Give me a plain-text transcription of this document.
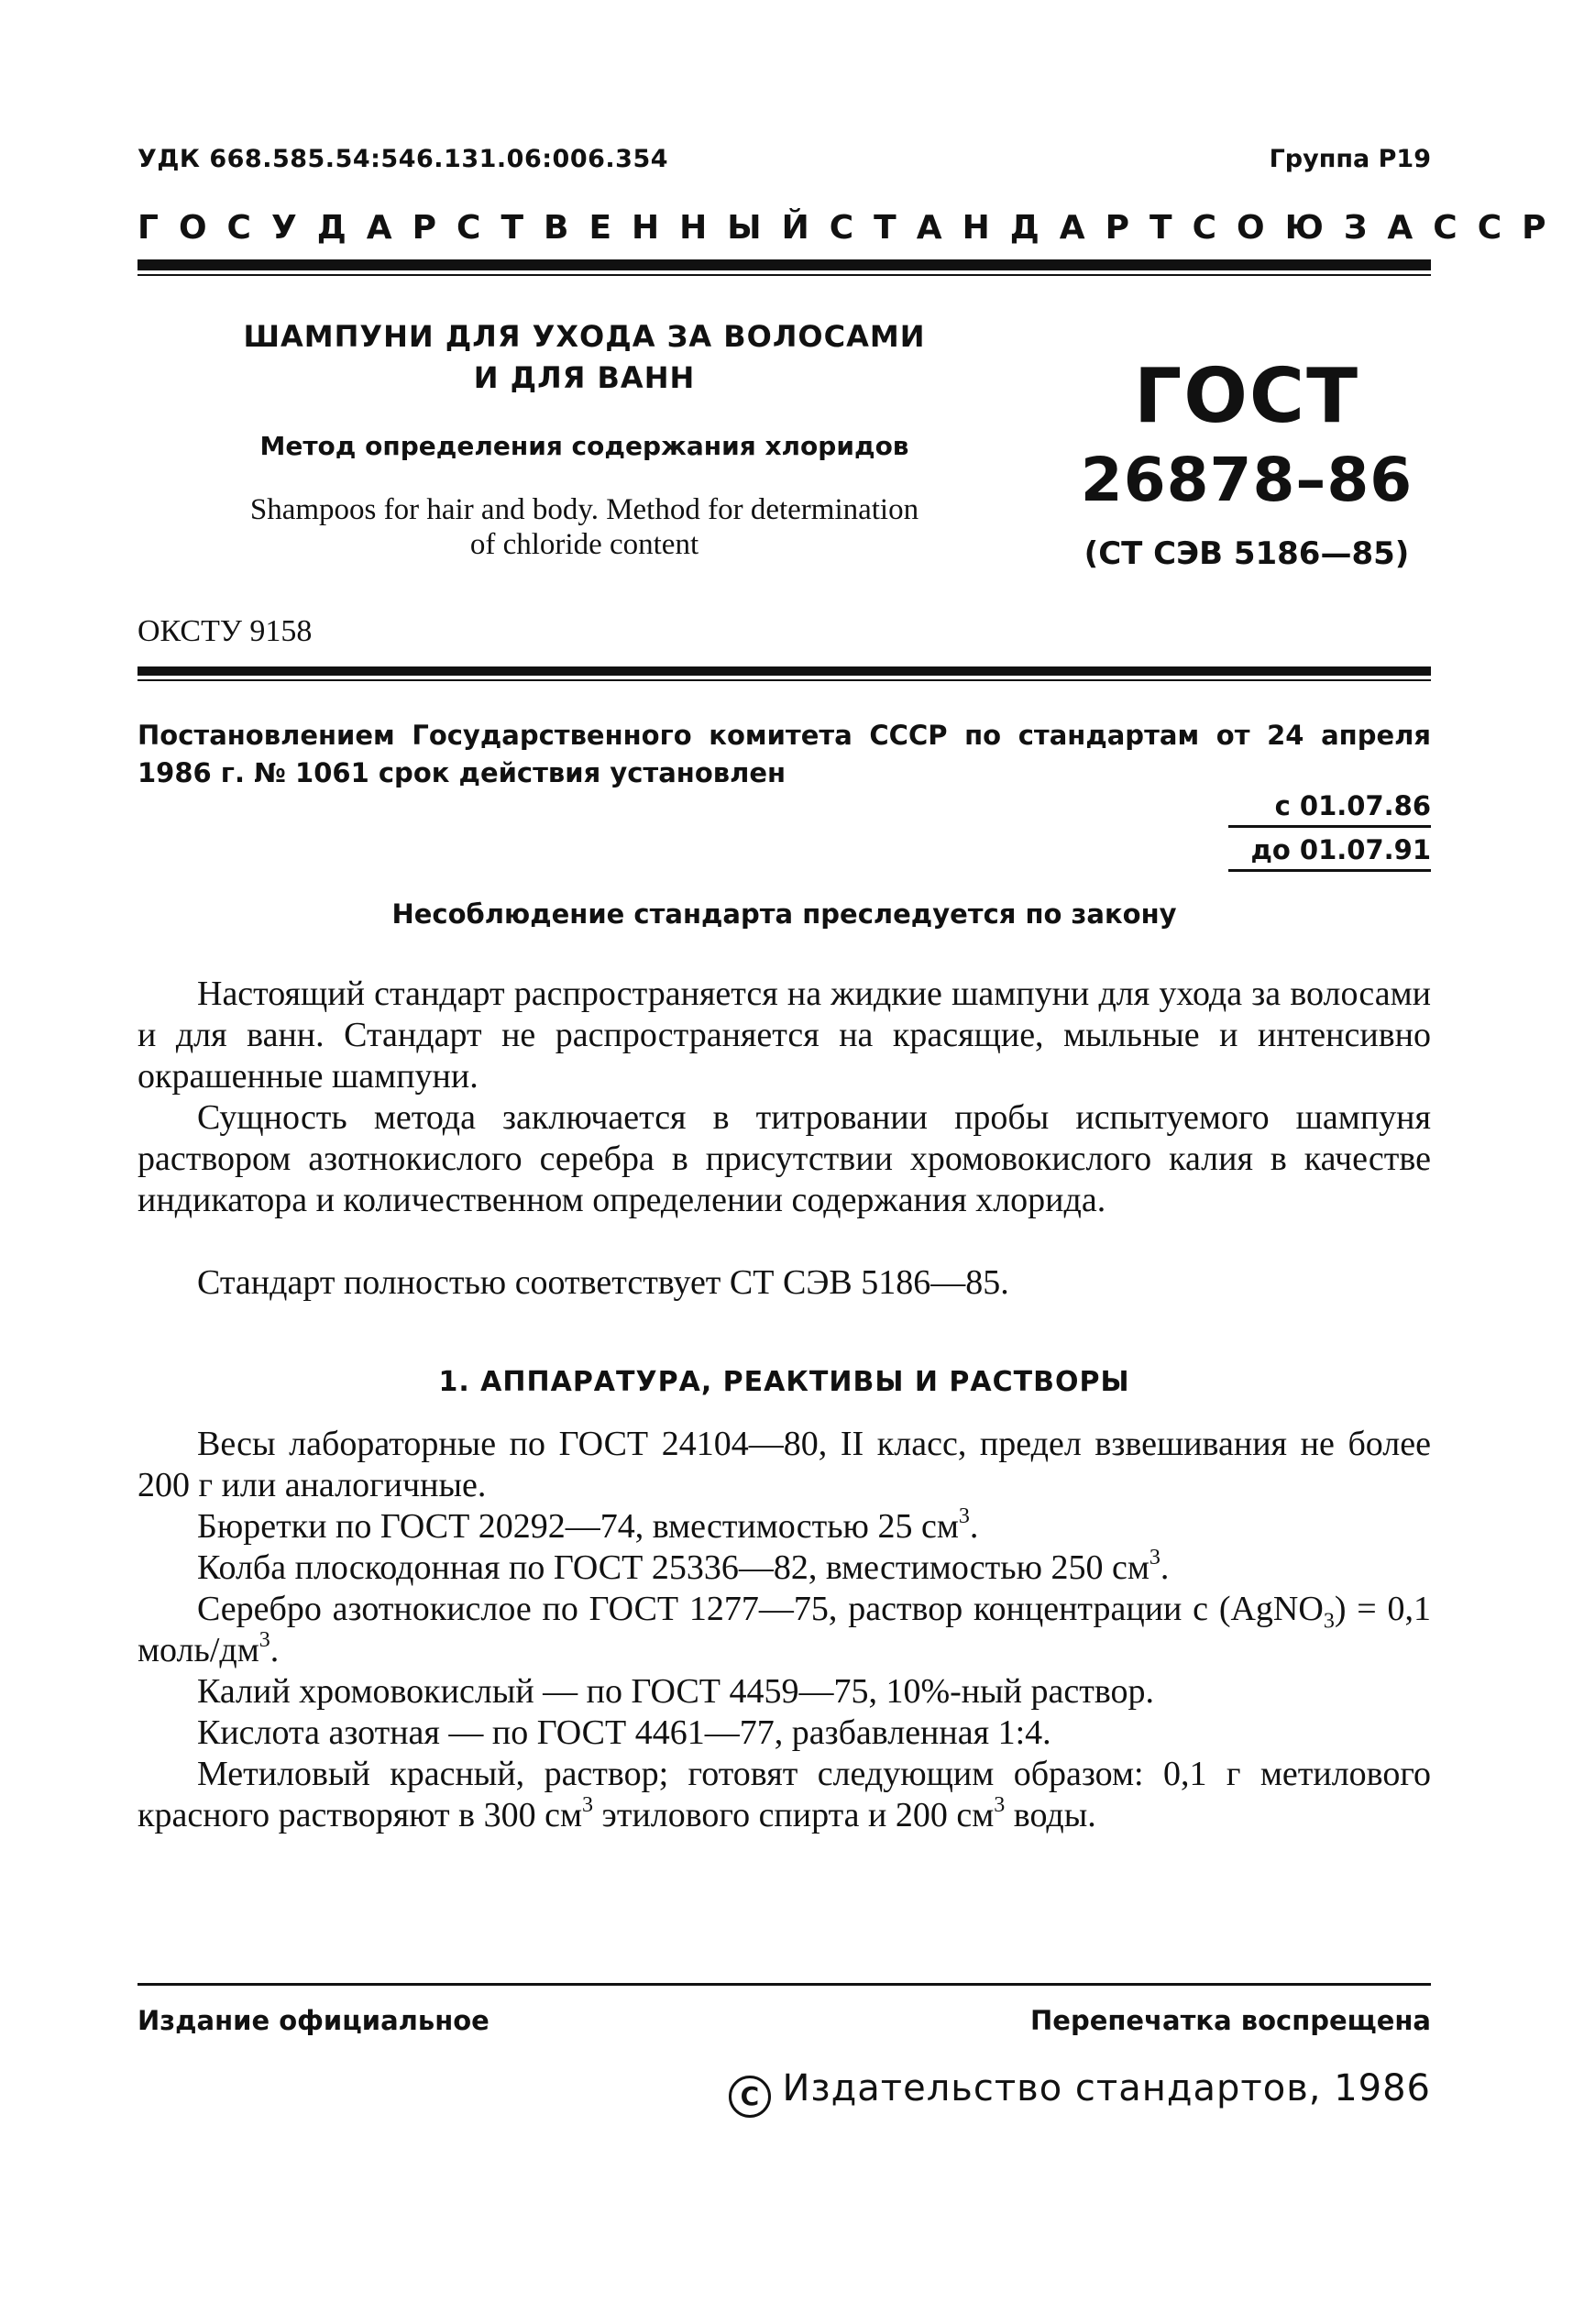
УДК 668.585.54:546.131.06:006.354	Группа Р19
ГОСУДАРСТВЕННЫЙ СТАНДАРТ СОЮЗА ССР
ШАМПУНИ ДЛЯ УХОДА ЗА ВОЛОСАМИ
И ДЛЯ ВАНН
Метод определения содержания хлоридов
Shampoos for hair and body. Method for determination of chloride content
ГОСТ
26878–86
(СТ СЭВ 5186—85)
ОКСТУ 9158
Постановлением Государственного комитета СССР по стандартам от 24 апреля 1986 г. № 1061 срок действия установлен
с 01.07.86
до 01.07.91
Несоблюдение стандарта преследуется по закону
Настоящий стандарт распространяется на жидкие шампуни для ухода за волосами и для ванн. Стандарт не распространяется на красящие, мыльные и интенсивно окрашенные шампуни.
Сущность метода заключается в титровании пробы испытуемого шампуня раствором азотнокислого серебра в присутствии хромовокислого калия в качестве индикатора и количественном определении содержания хлорида.
Стандарт полностью соответствует СТ СЭВ 5186—85.
1. АППАРАТУРА, РЕАКТИВЫ И РАСТВОРЫ
Весы лабораторные по ГОСТ 24104—80, II класс, предел взвешивания не более 200 г или аналогичные.
Бюретки по ГОСТ 20292—74, вместимостью 25 $см^3$.
Колба плоскодонная по ГОСТ 25336—82, вместимостью 250 $см^3$.
Серебро азотнокислое по ГОСТ 1277—75, раствор концентрации с (AgNO$_3$) = 0,1 моль/$дм^3$.
Калий хромовокислый — по ГОСТ 4459—75, 10%-ный раствор.
Кислота азотная — по ГОСТ 4461—77, разбавленная 1:4.
Метиловый красный, раствор; готовят следующим образом: 0,1 г метилового красного растворяют в 300 $см^3$ этилового спирта и 200 $см^3$ воды.
Издание официальное	Перепечатка воспрещена
C Издательство стандартов, 1986
